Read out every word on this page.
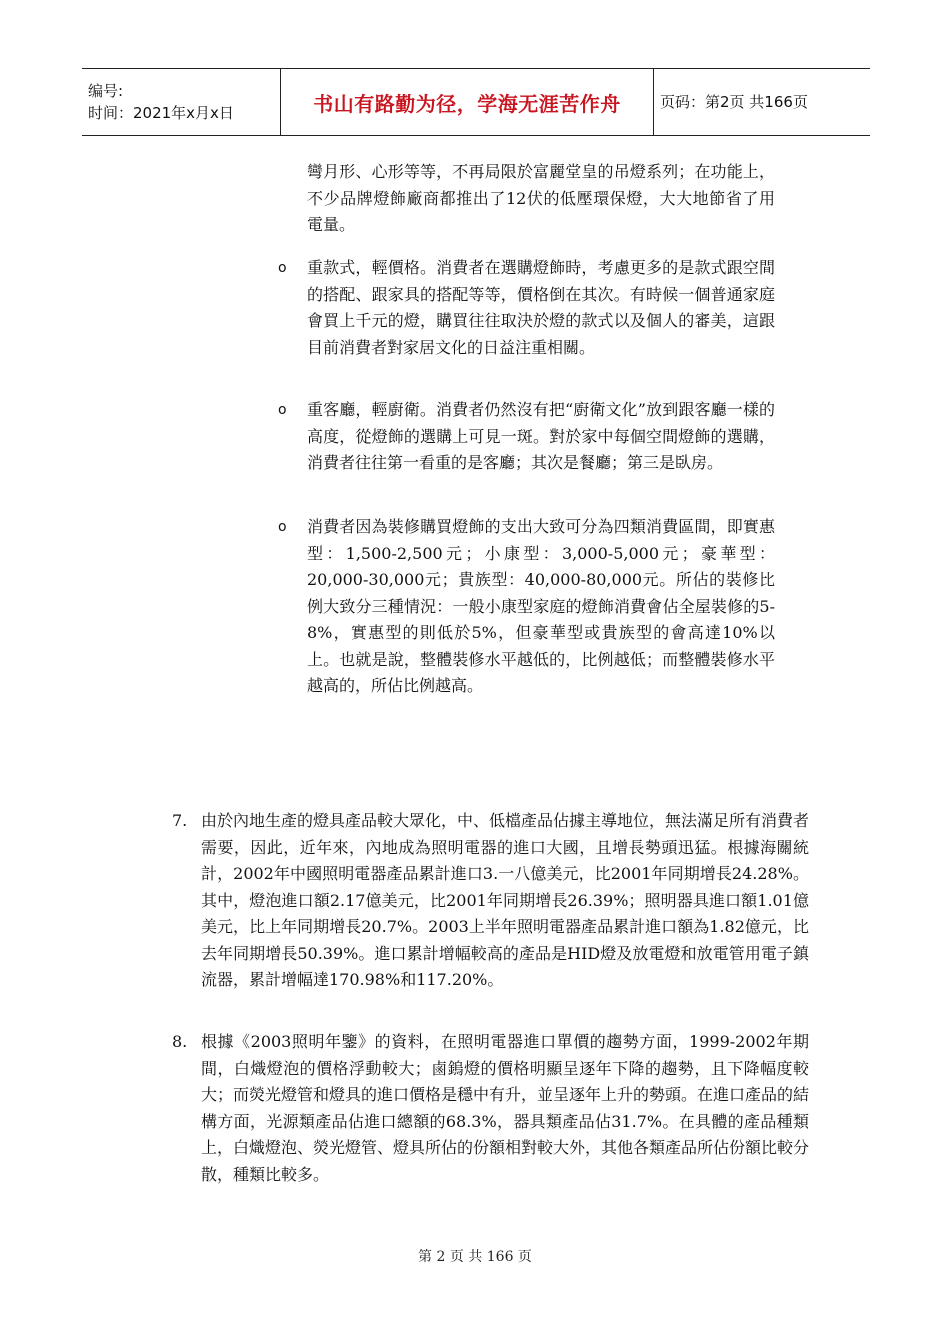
编号:
时间：2021年x月x日	书山有路勤为径，学海无涯苦作舟	页码：第2页 共166页
彎月形、心形等等，不再局限於富麗堂皇的吊燈系列；在功能上，不少品牌燈飾廠商都推出了12伏的低壓環保燈，大大地節省了用電量。
o	重款式，輕價格。消費者在選購燈飾時，考慮更多的是款式跟空間的搭配、跟家具的搭配等等，價格倒在其次。有時候一個普通家庭會買上千元的燈，購買往往取決於燈的款式以及個人的審美，這跟目前消費者對家居文化的日益注重相關。
o	重客廳，輕廚衛。消費者仍然沒有把“廚衛文化”放到跟客廳一樣的高度，從燈飾的選購上可見一斑。對於家中每個空間燈飾的選購，消費者往往第一看重的是客廳；其次是餐廳；第三是臥房。
o	消費者因為裝修購買燈飾的支出大致可分為四類消費區間，即實惠型：1,500-2,500元；小康型：3,000-5,000元；豪華型：20,000-30,000元；貴族型：40,000-80,000元。所佔的裝修比例大致分三種情況：一般小康型家庭的燈飾消費會佔全屋裝修的5-8%，實惠型的則低於5%，但豪華型或貴族型的會高達10%以上。也就是說，整體裝修水平越低的，比例越低；而整體裝修水平越高的，所佔比例越高。
7. 由於內地生產的燈具產品較大眾化，中、低檔產品佔據主導地位，無法滿足所有消費者需要，因此，近年來，內地成為照明電器的進口大國，且增長勢頭迅猛。根據海關統計，2002年中國照明電器產品累計進口3.一八億美元，比2001年同期增長24.28%。其中，燈泡進口額2.17億美元，比2001年同期增長26.39%；照明器具進口額1.01億美元，比上年同期增長20.7%。2003上半年照明電器產品累計進口額為1.82億元，比去年同期增長50.39%。進口累計增幅較高的產品是HID燈及放電燈和放電管用電子鎮流器，累計增幅達170.98%和117.20%。
8. 根據《2003照明年鑒》的資料，在照明電器進口單價的趨勢方面，1999-2002年期間，白熾燈泡的價格浮動較大；鹵鎢燈的價格明顯呈逐年下降的趨勢，且下降幅度較大；而熒光燈管和燈具的進口價格是穩中有升，並呈逐年上升的勢頭。在進口產品的結構方面，光源類產品佔進口總額的68.3%，器具類產品佔31.7%。在具體的產品種類上，白熾燈泡、熒光燈管、燈具所佔的份額相對較大外，其他各類產品所佔份額比較分散，種類比較多。
第 2 页 共 166 页
